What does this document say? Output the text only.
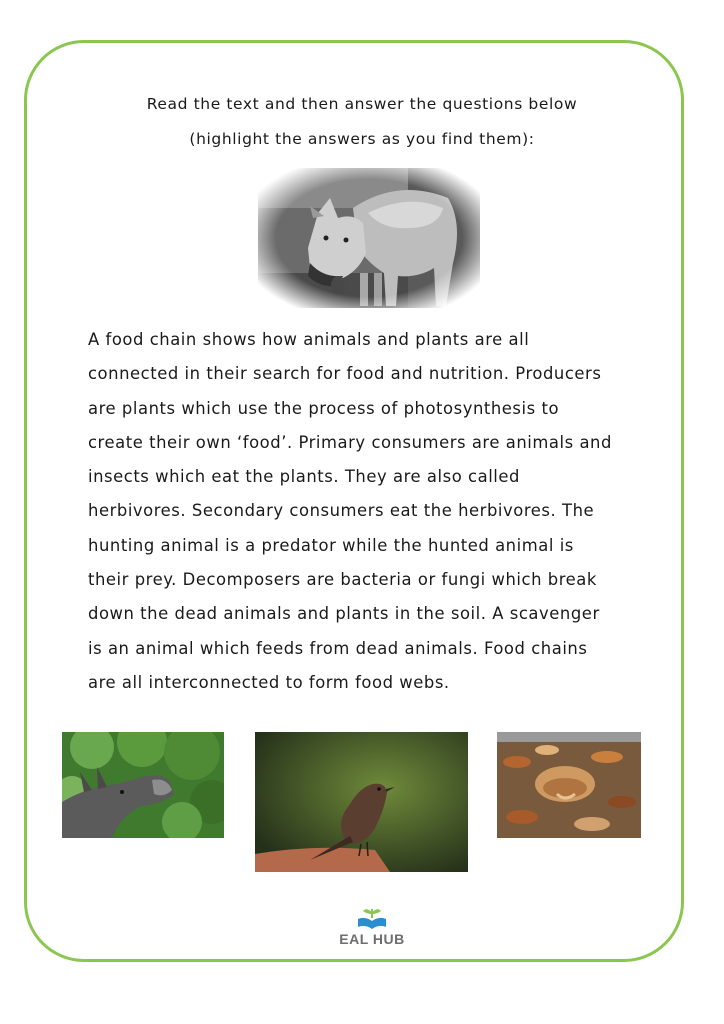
Read the text and then answer the questions below
(highlight the answers as you find them):

A food chain shows how animals and plants are all
connected in their search for food and nutrition. Producers
are plants which use the process of photosynthesis to
create their own ‘food’. Primary consumers are animals and
insects which eat the plants. They are also called
herbivores. Secondary consumers eat the herbivores. The
hunting animal is a predator while the hunted animal is
their prey. Decomposers are bacteria or fungi which break
down the dead animals and plants in the soil. A scavenger
is an animal which feeds from dead animals. Food chains
are all interconnected to form food webs.

EAL HUB
